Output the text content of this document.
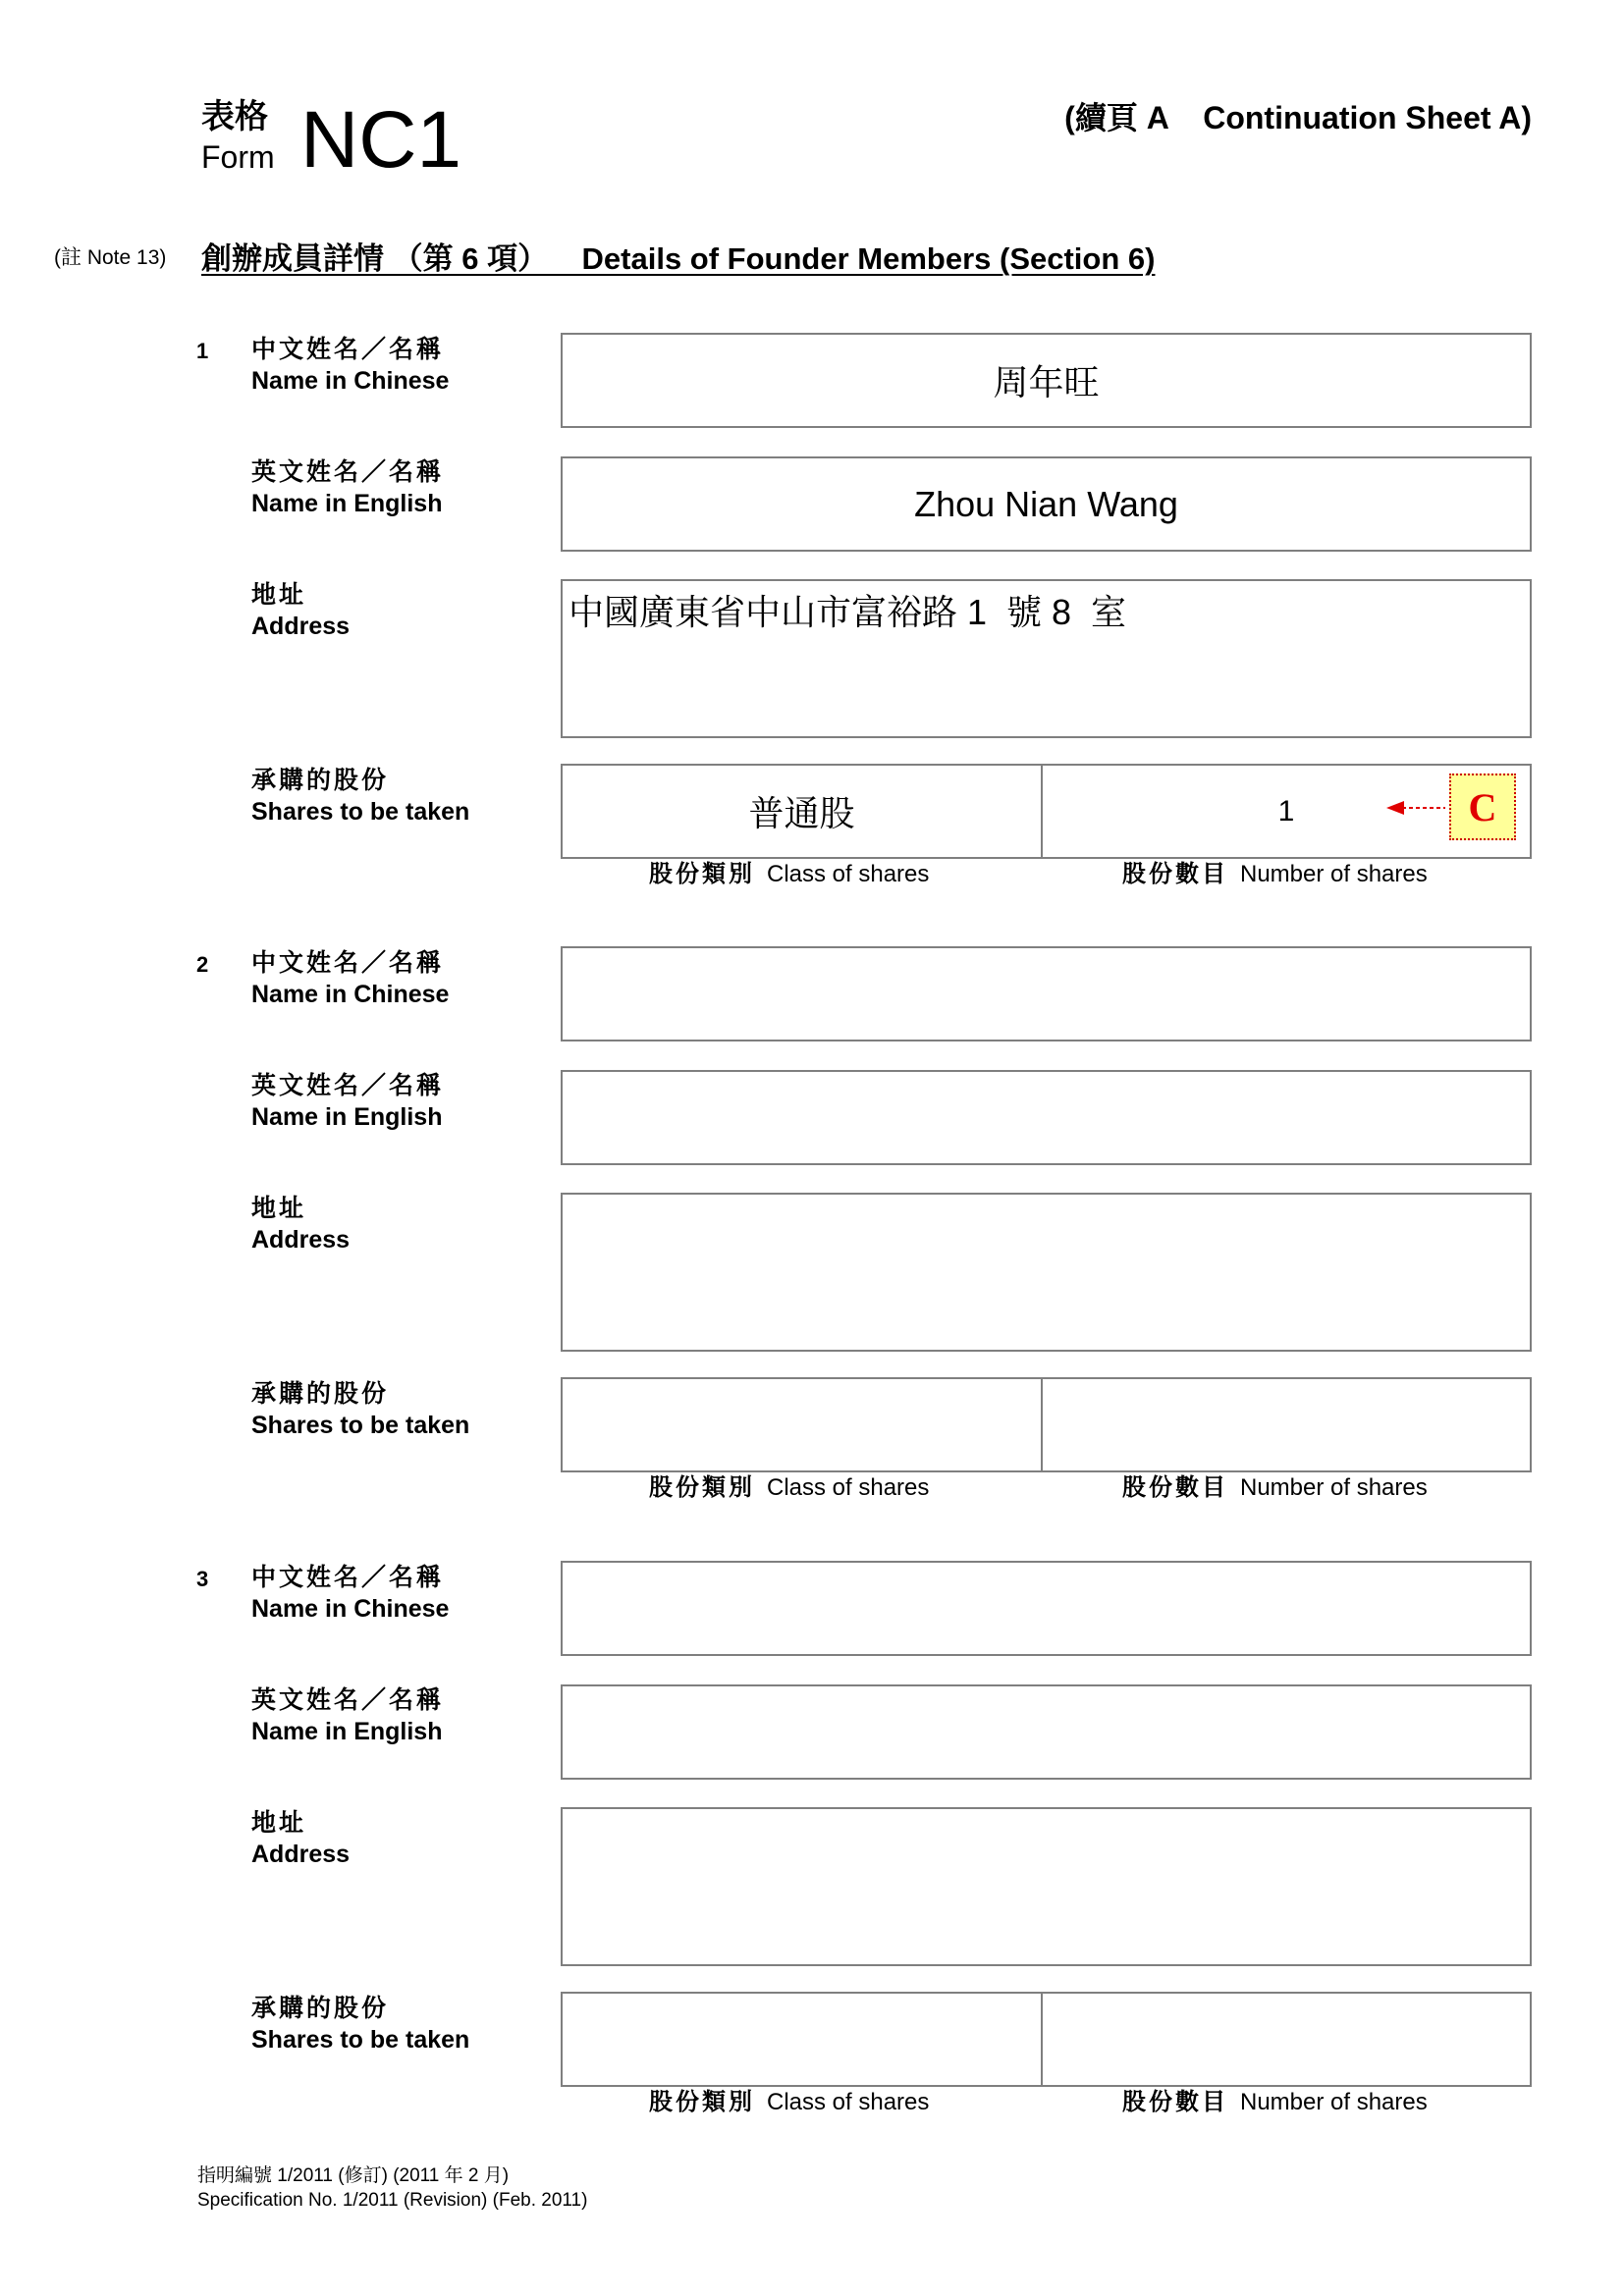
表格
Form NC1	(續頁 A    Continuation Sheet A)
(註 Note 13) 創辦成員詳情 （第 6 項）    Details of Founder Members (Section 6)
1 中文姓名／名稱
Name in Chinese	周年旺
英文姓名／名稱
Name in English	Zhou Nian Wang
地址
Address	中國廣東省中山市富裕路 1  號 8  室
承購的股份
Shares to be taken	普通股	1	C
股份類別 Class of shares	股份數目 Number of shares
2 中文姓名／名稱
Name in Chinese
英文姓名／名稱
Name in English
地址
Address
承購的股份
Shares to be taken
股份類別 Class of shares	股份數目 Number of shares
3 中文姓名／名稱
Name in Chinese
英文姓名／名稱
Name in English
地址
Address
承購的股份
Shares to be taken
股份類別 Class of shares	股份數目 Number of shares
指明編號 1/2011 (修訂) (2011 年 2 月)
Specification No. 1/2011 (Revision) (Feb. 2011)
